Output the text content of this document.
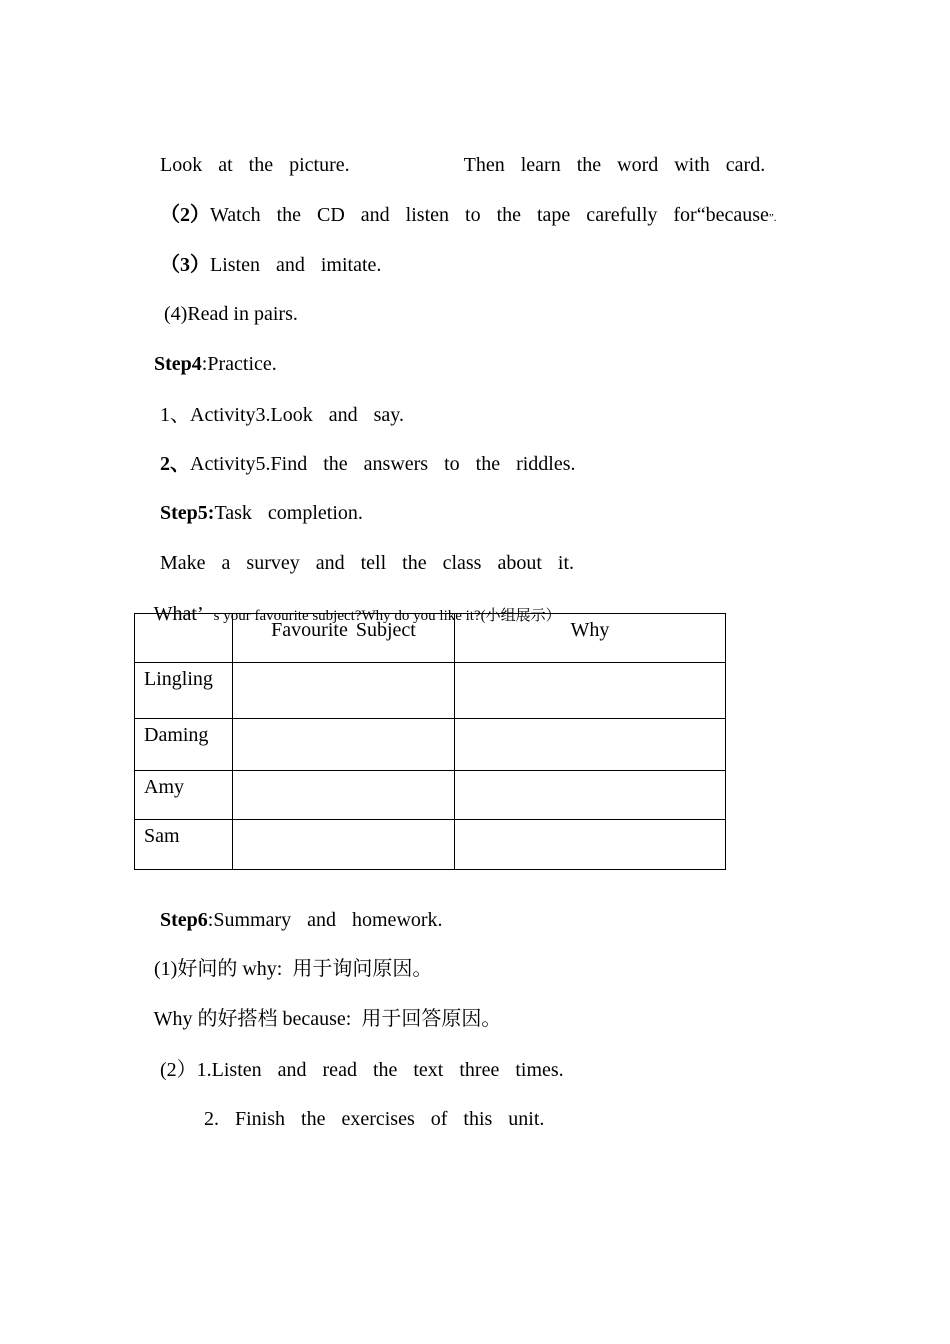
Look  at  the  picture.	Then  learn  the  word  with  card.

（2）Watch  the  CD  and  listen  to  the  tape  carefully  for“because”.

（3）Listen  and  imitate.

(4)Read in pairs.

Step4:Practice.

1、Activity3.Look  and  say.

2、Activity5.Find  the  answers  to  the  riddles.

Step5:Task  completion.

Make  a  survey  and  tell  the  class  about  it.

What’ s your favourite subject?Why do you like it?(小组展示）

	Favourite Subject	Why
Lingling		
Daming		
Amy		
Sam		

Step6:Summary  and  homework.

(1)好问的 why:  用于询问原因。

Why 的好搭档 because:  用于回答原因。

(2）1.Listen  and  read  the  text  three  times.

2.  Finish  the  exercises  of  this  unit.
